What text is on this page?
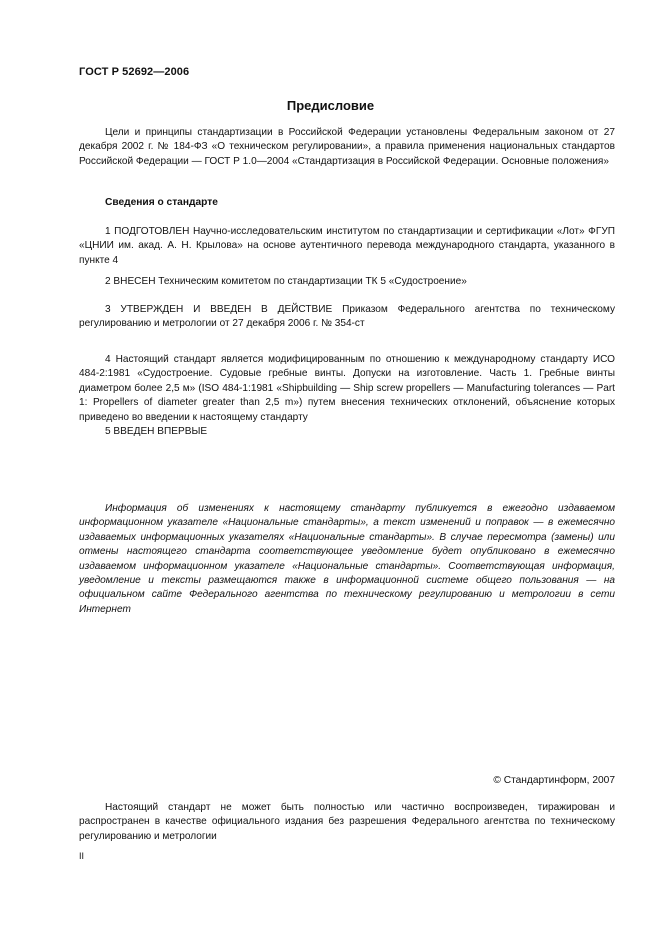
ГОСТ Р 52692—2006
Предисловие
Цели и принципы стандартизации в Российской Федерации установлены Федеральным законом от 27 декабря 2002 г. № 184-ФЗ «О техническом регулировании», а правила применения национальных стандартов Российской Федерации — ГОСТ Р 1.0—2004 «Стандартизация в Российской Федерации. Основные положения»
Сведения о стандарте
1 ПОДГОТОВЛЕН Научно-исследовательским институтом по стандартизации и сертификации «Лот» ФГУП «ЦНИИ им. акад. А. Н. Крылова» на основе аутентичного перевода международного стандарта, указанного в пункте 4
2 ВНЕСЕН Техническим комитетом по стандартизации ТК 5 «Судостроение»
3 УТВЕРЖДЕН И ВВЕДЕН В ДЕЙСТВИЕ Приказом Федерального агентства по техническому регулированию и метрологии от 27 декабря 2006 г. № 354-ст
4 Настоящий стандарт является модифицированным по отношению к международному стандарту ИСО 484-2:1981 «Судостроение. Судовые гребные винты. Допуски на изготовление. Часть 1. Гребные винты диаметром более 2,5 м» (ISO 484-1:1981 «Shipbuilding — Ship screw propellers — Manufacturing tolerances — Part 1: Propellers of diameter greater than 2,5 m») путем внесения технических отклонений, объяснение которых приведено во введении к настоящему стандарту
5 ВВЕДЕН ВПЕРВЫЕ
Информация об изменениях к настоящему стандарту публикуется в ежегодно издаваемом информационном указателе «Национальные стандарты», а текст изменений и поправок — в ежемесячно издаваемых информационных указателях «Национальные стандарты». В случае пересмотра (замены) или отмены настоящего стандарта соответствующее уведомление будет опубликовано в ежемесячно издаваемом информационном указателе «Национальные стандарты». Соответствующая информация, уведомление и тексты размещаются также в информационной системе общего пользования — на официальном сайте Федерального агентства по техническому регулированию и метрологии в сети Интернет
© Стандартинформ, 2007
Настоящий стандарт не может быть полностью или частично воспроизведен, тиражирован и распространен в качестве официального издания без разрешения Федерального агентства по техническому регулированию и метрологии
II
